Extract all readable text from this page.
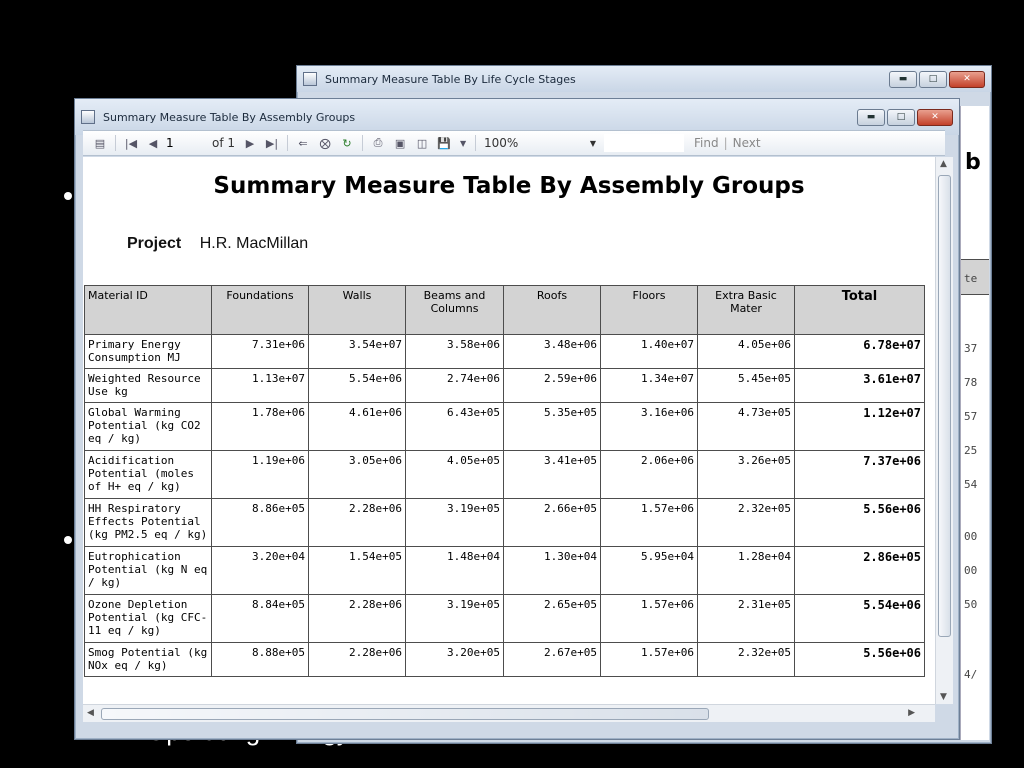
Summary Measure Table By Life Cycle Stages	▬	□	✕
b
te
37
78
57
25
54
00
00
50
4/
Summary Measure Table By Assembly Groups	▬	□	✕
▤ |◀ ◀
1	of 1 ▶ ▶| ⇐ ⨂ ↻ ⎙ ▣ ◫ 💾 ▼ 100%	▼	Find | Next
Summary Measure Table By Assembly Groups
Project H.R. MacMillan
Material ID	Foundations	Walls	Beams and Columns	Roofs	Floors	Extra Basic Mater	Total
Primary Energy Consumption MJ	7.31e+06	3.54e+07	3.58e+06	3.48e+06	1.40e+07	4.05e+06	6.78e+07
Weighted Resource Use kg	1.13e+07	5.54e+06	2.74e+06	2.59e+06	1.34e+07	5.45e+05	3.61e+07
Global Warming Potential (kg CO2 eq / kg)	1.78e+06	4.61e+06	6.43e+05	5.35e+05	3.16e+06	4.73e+05	1.12e+07
Acidification Potential (moles of H+ eq / kg)	1.19e+06	3.05e+06	4.05e+05	3.41e+05	2.06e+06	3.26e+05	7.37e+06
HH Respiratory Effects Potential (kg PM2.5 eq / kg)	8.86e+05	2.28e+06	3.19e+05	2.66e+05	1.57e+06	2.32e+05	5.56e+06
Eutrophication Potential (kg N eq / kg)	3.20e+04	1.54e+05	1.48e+04	1.30e+04	5.95e+04	1.28e+04	2.86e+05
Ozone Depletion Potential (kg CFC-11 eq / kg)	8.84e+05	2.28e+06	3.19e+05	2.65e+05	1.57e+06	2.31e+05	5.54e+06
Smog Potential (kg NOx eq / kg)	8.88e+05	2.28e+06	3.20e+05	2.67e+05	1.57e+06	2.32e+05	5.56e+06
▲
▼
◀	▶
